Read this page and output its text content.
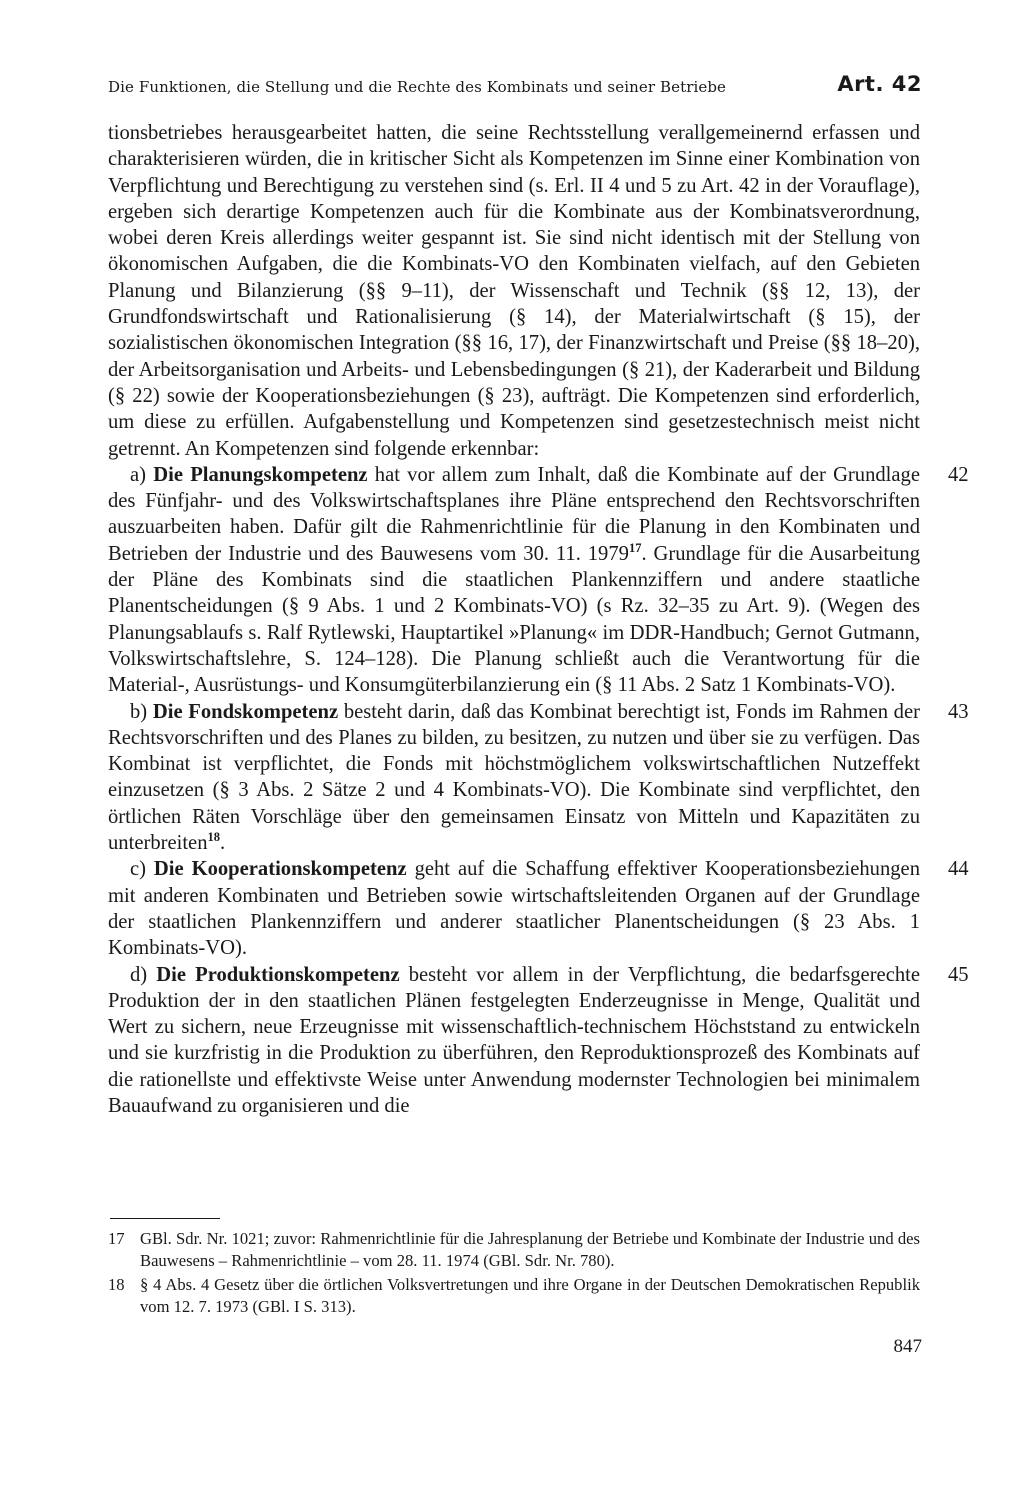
Die Funktionen, die Stellung und die Rechte des Kombinats und seiner Betriebe	Art. 42

tionsbetriebes herausgearbeitet hatten, die seine Rechtsstellung verallgemeinernd erfassen und charakterisieren würden, die in kritischer Sicht als Kompetenzen im Sinne einer Kombination von Verpflichtung und Berechtigung zu verstehen sind (s. Erl. II 4 und 5 zu Art. 42 in der Vorauflage), ergeben sich derartige Kompetenzen auch für die Kombinate aus der Kombinatsverordnung, wobei deren Kreis allerdings weiter gespannt ist. Sie sind nicht identisch mit der Stellung von ökonomischen Aufgaben, die die Kombinats-VO den Kombinaten vielfach, auf den Gebieten Planung und Bilanzierung (§§ 9–11), der Wissenschaft und Technik (§§ 12, 13), der Grundfondswirtschaft und Rationalisierung (§ 14), der Materialwirtschaft (§ 15), der sozialistischen ökonomischen Integration (§§ 16, 17), der Finanzwirtschaft und Preise (§§ 18–20), der Arbeitsorganisation und Arbeits- und Lebensbedingungen (§ 21), der Kaderarbeit und Bildung (§ 22) sowie der Kooperationsbeziehungen (§ 23), aufträgt. Die Kompetenzen sind erforderlich, um diese zu erfüllen. Aufgabenstellung und Kompetenzen sind gesetzestechnisch meist nicht getrennt. An Kompetenzen sind folgende erkennbar:

42
a) Die Planungskompetenz hat vor allem zum Inhalt, daß die Kombinate auf der Grundlage des Fünfjahr- und des Volkswirtschaftsplanes ihre Pläne entsprechend den Rechtsvorschriften auszuarbeiten haben. Dafür gilt die Rahmenrichtlinie für die Planung in den Kombinaten und Betrieben der Industrie und des Bauwesens vom 30. 11. 1979$^{17}$. Grundlage für die Ausarbeitung der Pläne des Kombinats sind die staatlichen Plankennziffern und andere staatliche Planentscheidungen (§ 9 Abs. 1 und 2 Kombinats-VO) (s Rz. 32–35 zu Art. 9). (Wegen des Planungsablaufs s. Ralf Rytlewski, Hauptartikel »Planung« im DDR-Handbuch; Gernot Gutmann, Volkswirtschaftslehre, S. 124–128). Die Planung schließt auch die Verantwortung für die Material-, Ausrüstungs- und Konsumgüterbilanzierung ein (§ 11 Abs. 2 Satz 1 Kombinats-VO).

43
b) Die Fondskompetenz besteht darin, daß das Kombinat berechtigt ist, Fonds im Rahmen der Rechtsvorschriften und des Planes zu bilden, zu besitzen, zu nutzen und über sie zu verfügen. Das Kombinat ist verpflichtet, die Fonds mit höchstmöglichem volkswirtschaftlichen Nutzeffekt einzusetzen (§ 3 Abs. 2 Sätze 2 und 4 Kombinats-VO). Die Kombinate sind verpflichtet, den örtlichen Räten Vorschläge über den gemeinsamen Einsatz von Mitteln und Kapazitäten zu unterbreiten$^{18}$.

44
c) Die Kooperationskompetenz geht auf die Schaffung effektiver Kooperationsbeziehungen mit anderen Kombinaten und Betrieben sowie wirtschaftsleitenden Organen auf der Grundlage der staatlichen Plankennziffern und anderer staatlicher Planentscheidungen (§ 23 Abs. 1 Kombinats-VO).

45
d) Die Produktionskompetenz besteht vor allem in der Verpflichtung, die bedarfsgerechte Produktion der in den staatlichen Plänen festgelegten Enderzeugnisse in Menge, Qualität und Wert zu sichern, neue Erzeugnisse mit wissenschaftlich-technischem Höchststand zu entwickeln und sie kurzfristig in die Produktion zu überführen, den Reproduktionsprozeß des Kombinats auf die rationellste und effektivste Weise unter Anwendung modernster Technologien bei minimalem Bauaufwand zu organisieren und die

17 GBl. Sdr. Nr. 1021; zuvor: Rahmenrichtlinie für die Jahresplanung der Betriebe und Kombinate der Industrie und des Bauwesens – Rahmenrichtlinie – vom 28. 11. 1974 (GBl. Sdr. Nr. 780).
18 § 4 Abs. 4 Gesetz über die örtlichen Volksvertretungen und ihre Organe in der Deutschen Demokratischen Republik vom 12. 7. 1973 (GBl. I S. 313).
847
